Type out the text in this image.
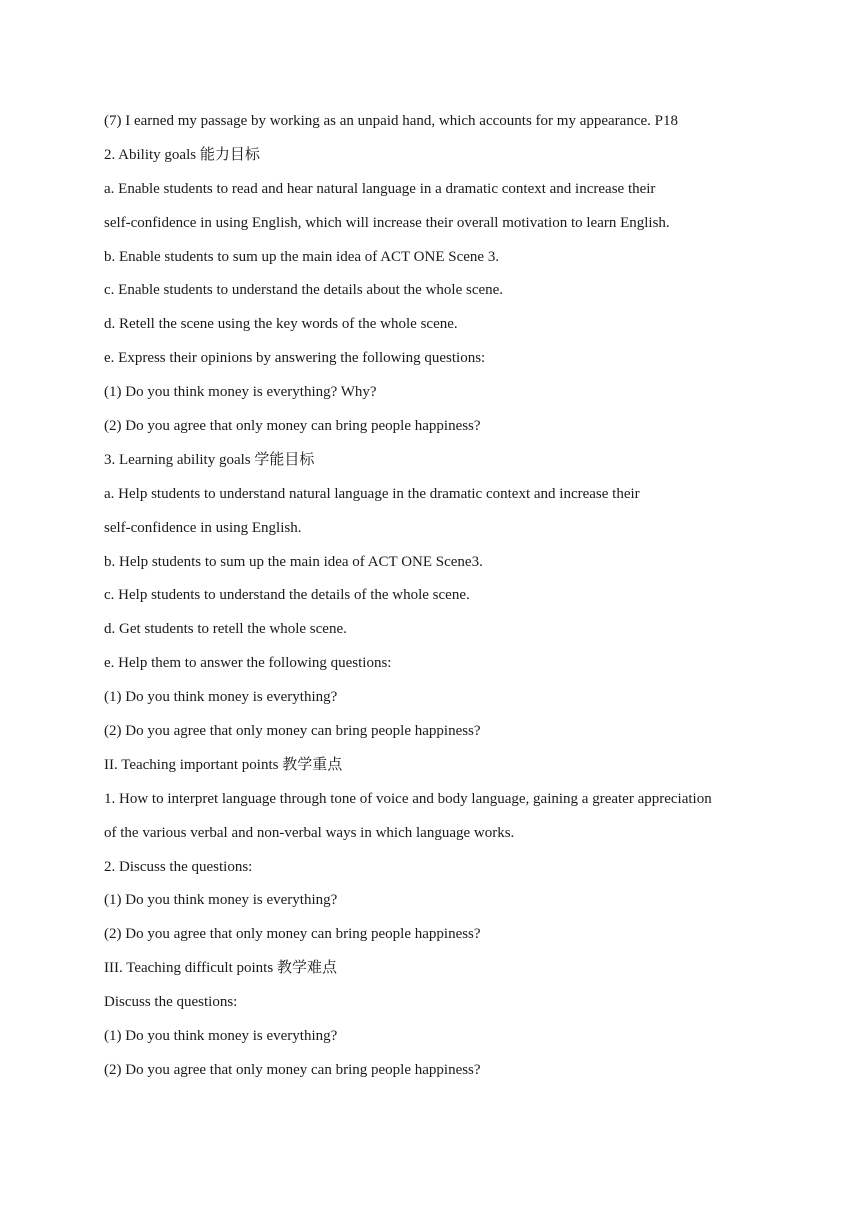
(7) I earned my passage by working as an unpaid hand, which accounts for my appearance. P18
2. Ability goals 能力目标
a. Enable students to read and hear natural language in a dramatic context and increase their
self-confidence in using English, which will increase their overall motivation to learn English.
b. Enable students to sum up the main idea of ACT ONE Scene 3.
c. Enable students to understand the details about the whole scene.
d. Retell the scene using the key words of the whole scene.
e. Express their opinions by answering the following questions:
(1) Do you think money is everything? Why?
(2) Do you agree that only money can bring people happiness?
3. Learning ability goals 学能目标
a. Help students to understand natural language in the dramatic context and increase their
self-confidence in using English.
b. Help students to sum up the main idea of ACT ONE Scene3.
c. Help students to understand the details of the whole scene.
d. Get students to retell the whole scene.
e. Help them to answer the following questions:
(1) Do you think money is everything?
(2) Do you agree that only money can bring people happiness?
II. Teaching important points 教学重点
1. How to interpret language through tone of voice and body language, gaining a greater appreciation
of the various verbal and non-verbal ways in which language works.
2. Discuss the questions:
(1) Do you think money is everything?
(2) Do you agree that only money can bring people happiness?
III. Teaching difficult points 教学难点
Discuss the questions:
(1) Do you think money is everything?
(2) Do you agree that only money can bring people happiness?
